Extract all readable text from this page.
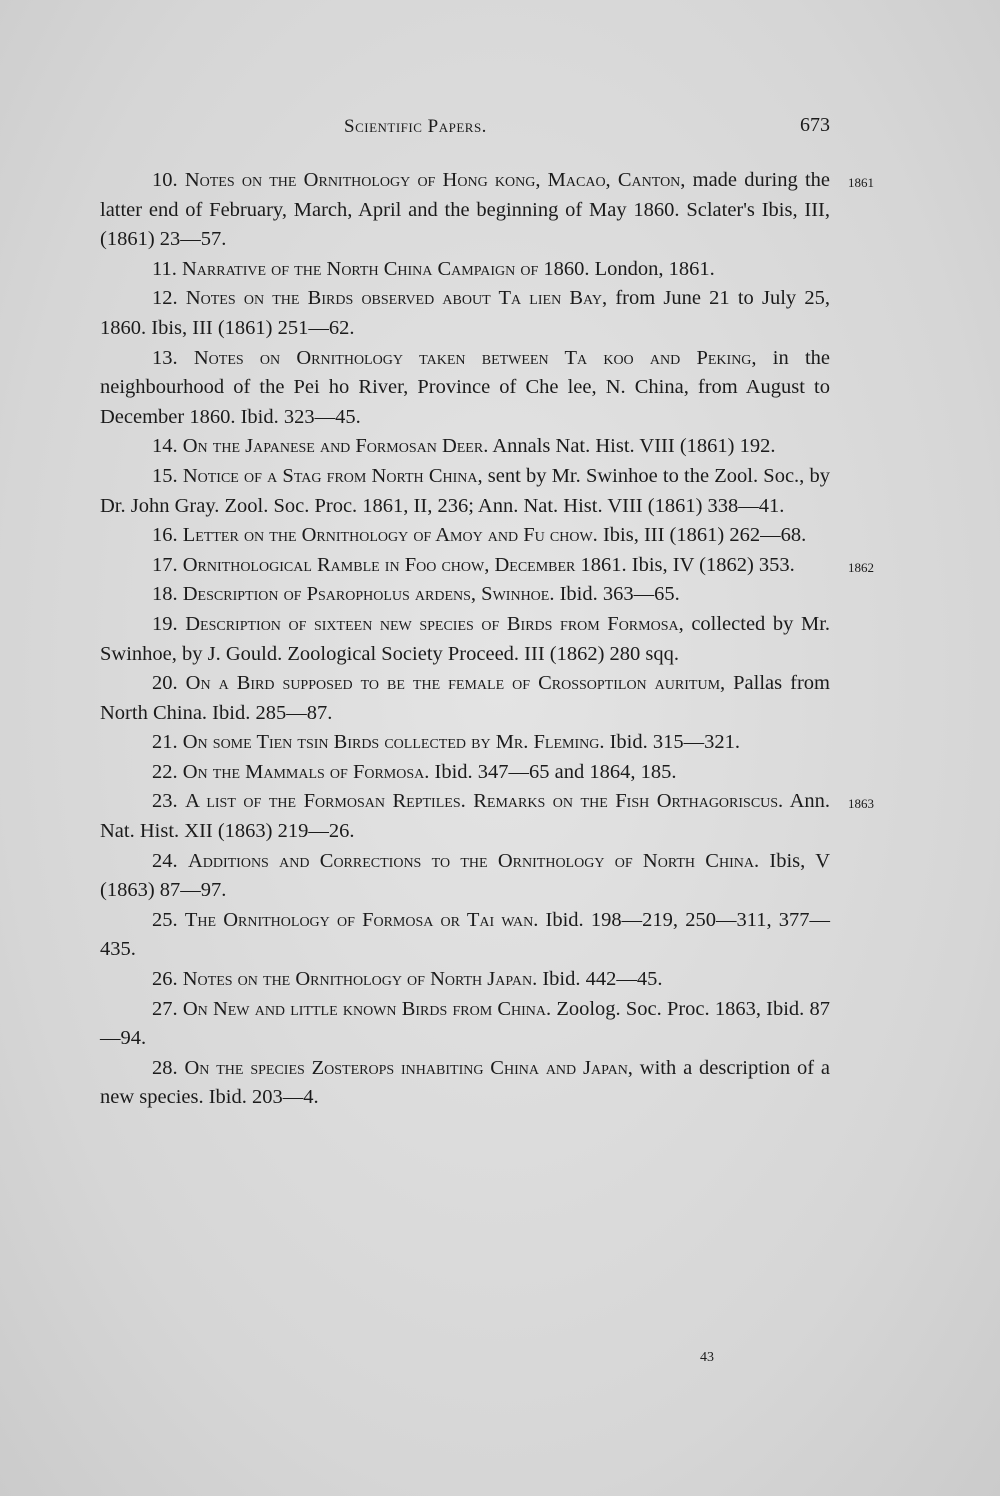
Scientific Papers.	673

10. Notes on the Ornithology of Hong kong, Macao, Canton, made during the latter end of February, March, April and the beginning of May 1860. Sclater's Ibis, III, (1861) 23—57.
1861

11. Narrative of the North China Campaign of 1860. London, 1861.

12. Notes on the Birds observed about Ta lien Bay, from June 21 to July 25, 1860. Ibis, III (1861) 251—62.

13. Notes on Ornithology taken between Ta koo and Peking, in the neighbourhood of the Pei ho River, Province of Che lee, N. China, from August to December 1860. Ibid. 323—45.

14. On the Japanese and Formosan Deer. Annals Nat. Hist. VIII (1861) 192.

15. Notice of a Stag from North China, sent by Mr. Swinhoe to the Zool. Soc., by Dr. John Gray. Zool. Soc. Proc. 1861, II, 236; Ann. Nat. Hist. VIII (1861) 338—41.

16. Letter on the Ornithology of Amoy and Fu chow. Ibis, III (1861) 262—68.

17. Ornithological Ramble in Foo chow, December 1861. Ibis, IV (1862) 353.	1862

18. Description of Psaropholus ardens, Swinhoe. Ibid. 363—65.

19. Description of sixteen new species of Birds from Formosa, collected by Mr. Swinhoe, by J. Gould. Zoological Society Proceed. III (1862) 280 sqq.

20. On a Bird supposed to be the female of Crossoptilon auritum, Pallas from North China. Ibid. 285—87.

21. On some Tien tsin Birds collected by Mr. Fleming. Ibid. 315—321.

22. On the Mammals of Formosa. Ibid. 347—65 and 1864, 185.

23. A list of the Formosan Reptiles. Remarks on the Fish Orthagoriscus. Ann. Nat. Hist. XII (1863) 219—26.
1863

24. Additions and Corrections to the Ornithology of North China. Ibis, V (1863) 87—97.

25. The Ornithology of Formosa or Tai wan. Ibid. 198—219, 250—311, 377—435.

26. Notes on the Ornithology of North Japan. Ibid. 442—45.

27. On New and little known Birds from China. Zoolog. Soc. Proc. 1863, Ibid. 87—94.

28. On the species Zosterops inhabiting China and Japan, with a description of a new species. Ibid. 203—4.

43
